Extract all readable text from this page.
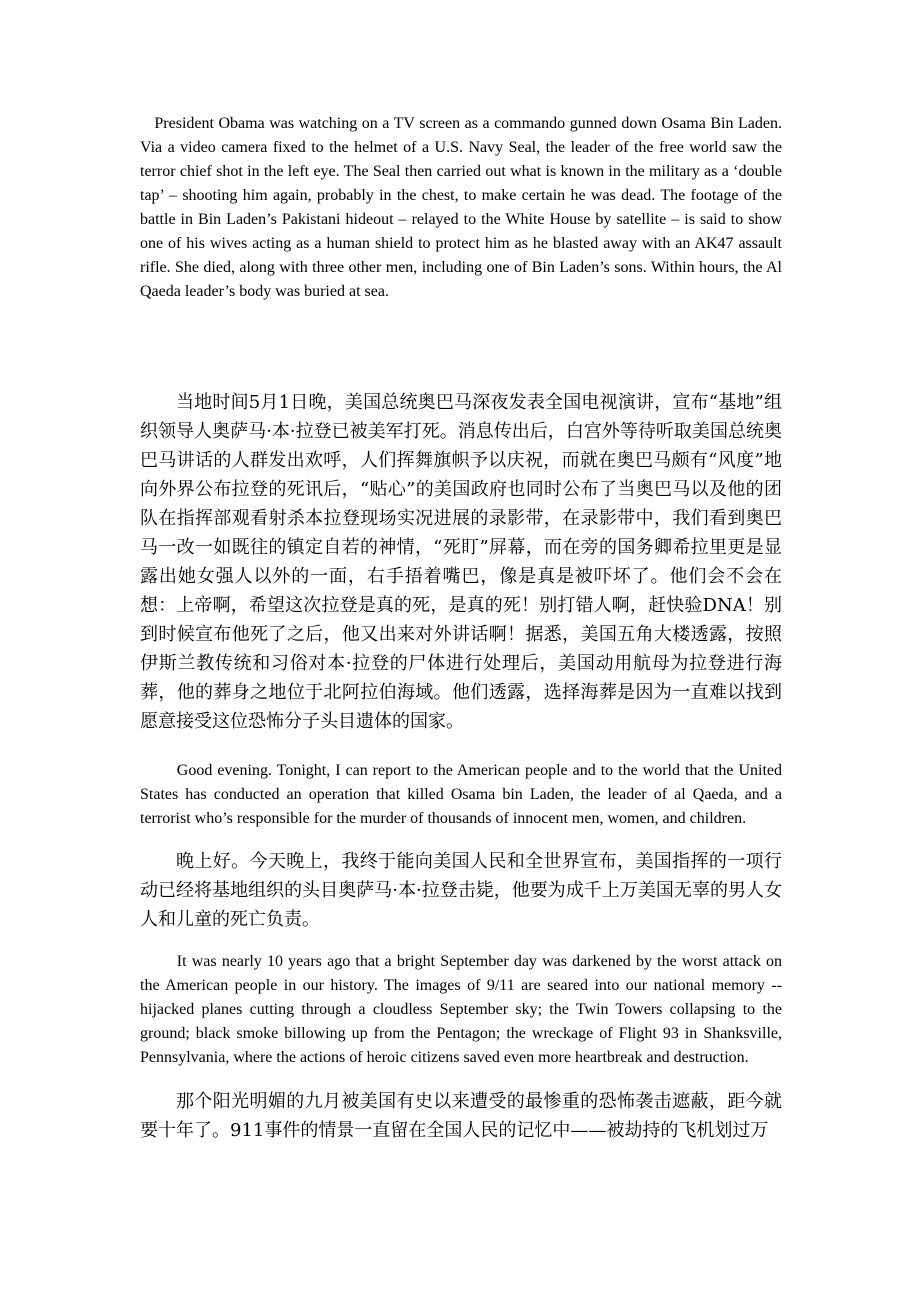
President Obama was watching on a TV screen as a commando gunned down Osama Bin Laden. Via a video camera fixed to the helmet of a U.S. Navy Seal, the leader of the free world saw the terror chief shot in the left eye. The Seal then carried out what is known in the military as a ‘double tap’ – shooting him again, probably in the chest, to make certain he was dead. The footage of the battle in Bin Laden’s Pakistani hideout – relayed to the White House by satellite – is said to show one of his wives acting as a human shield to protect him as he blasted away with an AK47 assault rifle. She died, along with three other men, including one of Bin Laden’s sons. Within hours, the Al Qaeda leader’s body was buried at sea.

当地时间5月1日晚，美国总统奥巴马深夜发表全国电视演讲，宣布“基地”组织领导人奥萨马·本·拉登已被美军打死。消息传出后，白宫外等待听取美国总统奥巴马讲话的人群发出欢呼，人们挥舞旗帜予以庆祝，而就在奥巴马颇有“风度”地向外界公布拉登的死讯后，“贴心”的美国政府也同时公布了当奥巴马以及他的团队在指挥部观看射杀本拉登现场实况进展的录影带，在录影带中，我们看到奥巴马一改一如既往的镇定自若的神情，“死盯”屏幕，而在旁的国务卿希拉里更是显露出她女强人以外的一面，右手捂着嘴巴，像是真是被吓坏了。他们会不会在想：上帝啊，希望这次拉登是真的死，是真的死！别打错人啊，赶快验DNA！别到时候宣布他死了之后，他又出来对外讲话啊！据悉，美国五角大楼透露，按照伊斯兰教传统和习俗对本·拉登的尸体进行处理后，美国动用航母为拉登进行海葬，他的葬身之地位于北阿拉伯海域。他们透露，选择海葬是因为一直难以找到愿意接受这位恐怖分子头目遗体的国家。

Good evening. Tonight, I can report to the American people and to the world that the United States has conducted an operation that killed Osama bin Laden, the leader of al Qaeda, and a terrorist who’s responsible for the murder of thousands of innocent men, women, and children.

晚上好。今天晚上，我终于能向美国人民和全世界宣布，美国指挥的一项行动已经将基地组织的头目奥萨马·本·拉登击毙，他要为成千上万美国无辜的男人女人和儿童的死亡负责。

It was nearly 10 years ago that a bright September day was darkened by the worst attack on the American people in our history. The images of 9/11 are seared into our national memory -- hijacked planes cutting through a cloudless September sky; the Twin Towers collapsing to the ground; black smoke billowing up from the Pentagon; the wreckage of Flight 93 in Shanksville, Pennsylvania, where the actions of heroic citizens saved even more heartbreak and destruction.

那个阳光明媚的九月被美国有史以来遭受的最惨重的恐怖袭击遮蔽，距今就要十年了。911事件的情景一直留在全国人民的记忆中——被劫持的飞机划过万
